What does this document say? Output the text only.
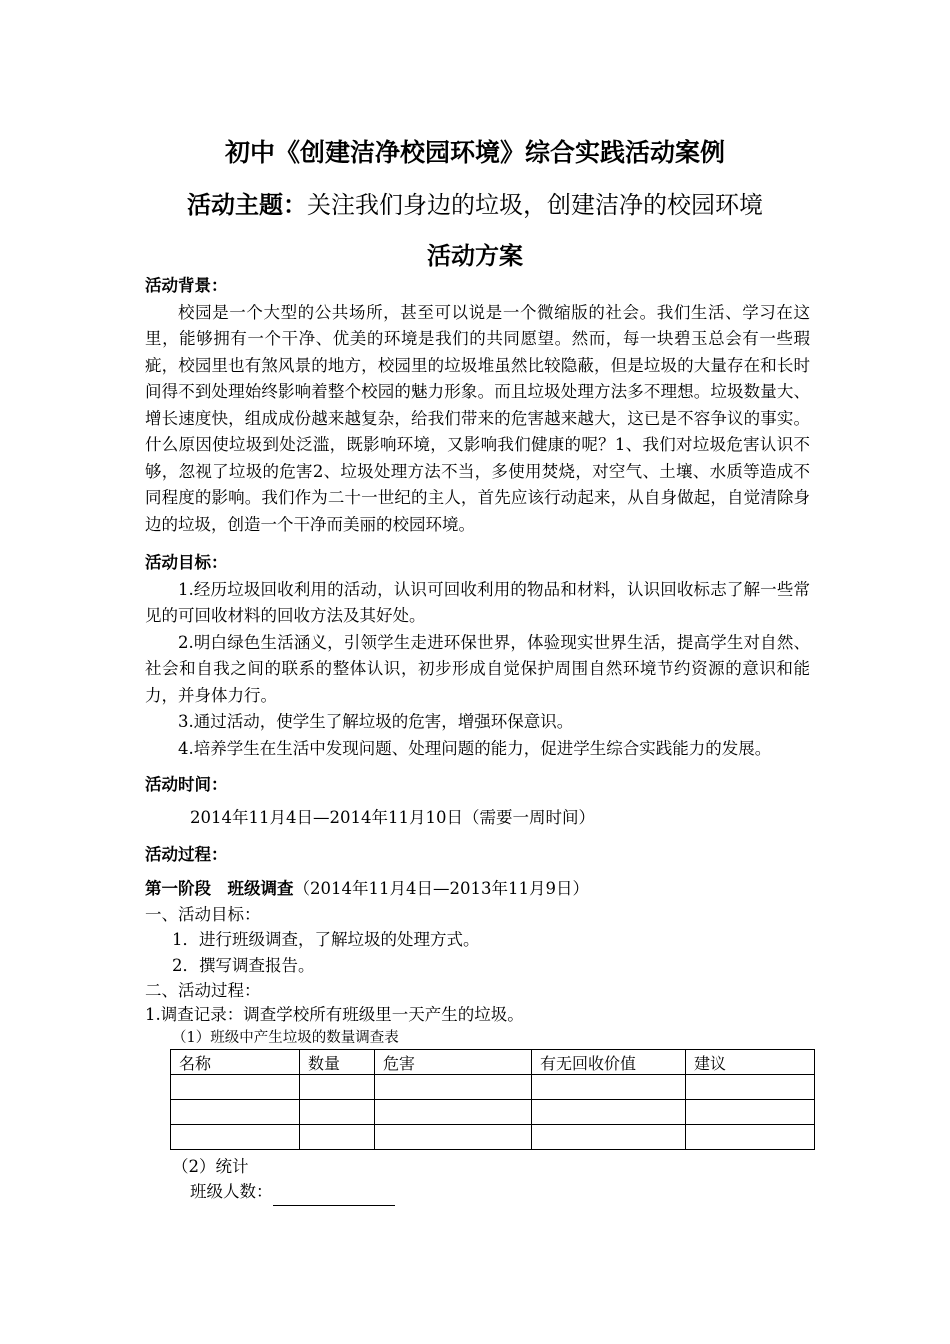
初中《创建洁净校园环境》综合实践活动案例
活动主题：关注我们身边的垃圾，创建洁净的校园环境
活动方案
活动背景：
校园是一个大型的公共场所，甚至可以说是一个微缩版的社会。我们生活、学习在这里，能够拥有一个干净、优美的环境是我们的共同愿望。然而，每一块碧玉总会有一些瑕疵，校园里也有煞风景的地方，校园里的垃圾堆虽然比较隐蔽，但是垃圾的大量存在和长时间得不到处理始终影响着整个校园的魅力形象。而且垃圾处理方法多不理想。垃圾数量大、增长速度快，组成成份越来越复杂，给我们带来的危害越来越大，这已是不容争议的事实。什么原因使垃圾到处泛滥，既影响环境，又影响我们健康的呢？1、我们对垃圾危害认识不够，忽视了垃圾的危害2、垃圾处理方法不当，多使用焚烧，对空气、土壤、水质等造成不同程度的影响。我们作为二十一世纪的主人，首先应该行动起来，从自身做起，自觉清除身边的垃圾，创造一个干净而美丽的校园环境。
活动目标：
1.经历垃圾回收利用的活动，认识可回收利用的物品和材料，认识回收标志了解一些常见的可回收材料的回收方法及其好处。
2.明白绿色生活涵义，引领学生走进环保世界，体验现实世界生活，提高学生对自然、社会和自我之间的联系的整体认识，初步形成自觉保护周围自然环境节约资源的意识和能力，并身体力行。
3.通过活动，使学生了解垃圾的危害，增强环保意识。
4.培养学生在生活中发现问题、处理问题的能力，促进学生综合实践能力的发展。
活动时间：
2014年11月4日—2014年11月10日（需要一周时间）
活动过程：
第一阶段　班级调查（2014年11月4日—2013年11月9日）
一、活动目标：
1．进行班级调查，了解垃圾的处理方式。
2．撰写调查报告。
二、活动过程：
1.调查记录：调查学校所有班级里一天产生的垃圾。
（1）班级中产生垃圾的数量调查表
名称	数量	危害	有无回收价值	建议

（2）统计
班级人数：
